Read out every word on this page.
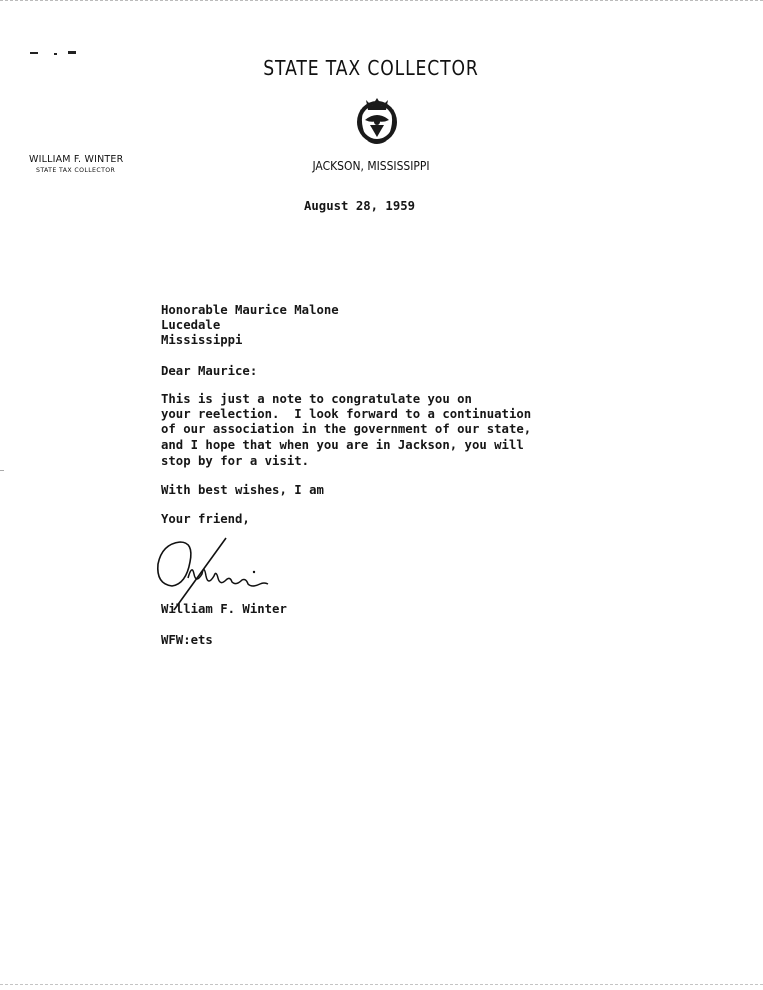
STATE TAX COLLECTOR
WILLIAM F. WINTER
STATE TAX COLLECTOR	JACKSON, MISSISSIPPI
August 28, 1959
Honorable Maurice Malone
Lucedale
Mississippi
Dear Maurice:
This is just a note to congratulate you on
your reelection.  I look forward to a continuation
of our association in the government of our state,
and I hope that when you are in Jackson, you will
stop by for a visit.
With best wishes, I am
Your friend,
William F. Winter
WFW:ets
